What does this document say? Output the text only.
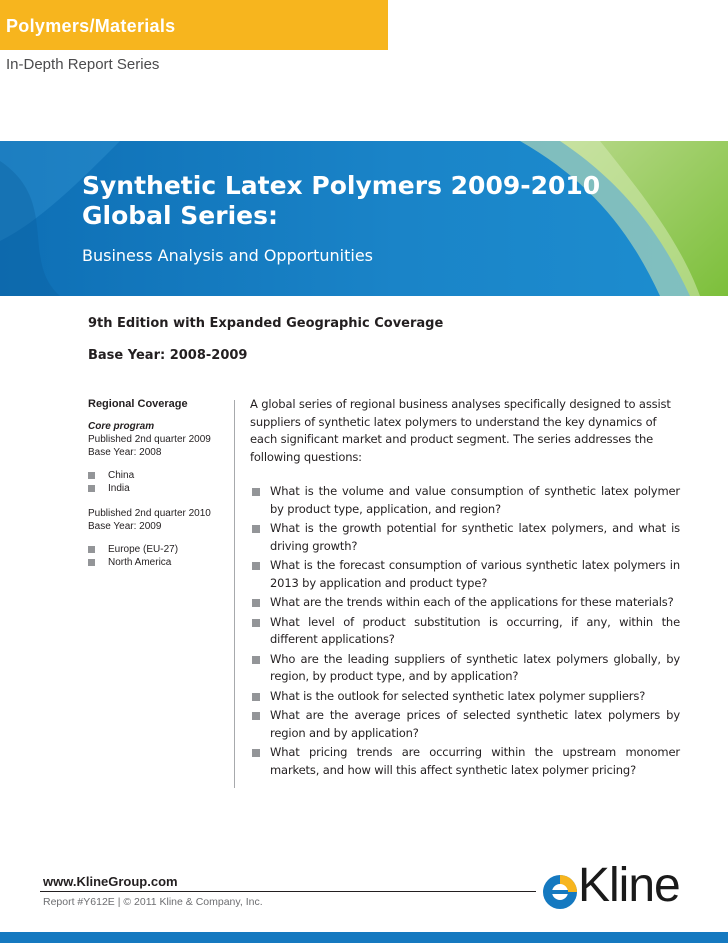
Polymers/Materials
In-Depth Report Series
Synthetic Latex Polymers 2009-2010
Global Series:
Business Analysis and Opportunities
9th Edition with Expanded Geographic Coverage
Base Year: 2008-2009
Regional Coverage
Core program
Published 2nd quarter 2009
Base Year: 2008
China
India
Published 2nd quarter 2010
Base Year: 2009
Europe (EU-27)
North America

A global series of regional business analyses specifically designed to assist suppliers of synthetic latex polymers to understand the key dynamics of each significant market and product segment. The series addresses the following questions:

What is the volume and value consumption of synthetic latex polymer by product type, application, and region?
What is the growth potential for synthetic latex polymers, and what is driving growth?
What is the forecast consumption of various synthetic latex polymers in 2013 by application and product type?
What are the trends within each of the applications for these materials?
What level of product substitution is occurring, if any, within the different applications?
Who are the leading suppliers of synthetic latex polymers globally, by region, by product type, and by application?
What is the outlook for selected synthetic latex polymer suppliers?
What are the average prices of selected synthetic latex polymers by region and by application?
What pricing trends are occurring within the upstream monomer markets, and how will this affect synthetic latex polymer pricing?
www.KlineGroup.com
Report #Y612E | © 2011 Kline & Company, Inc.	Kline
